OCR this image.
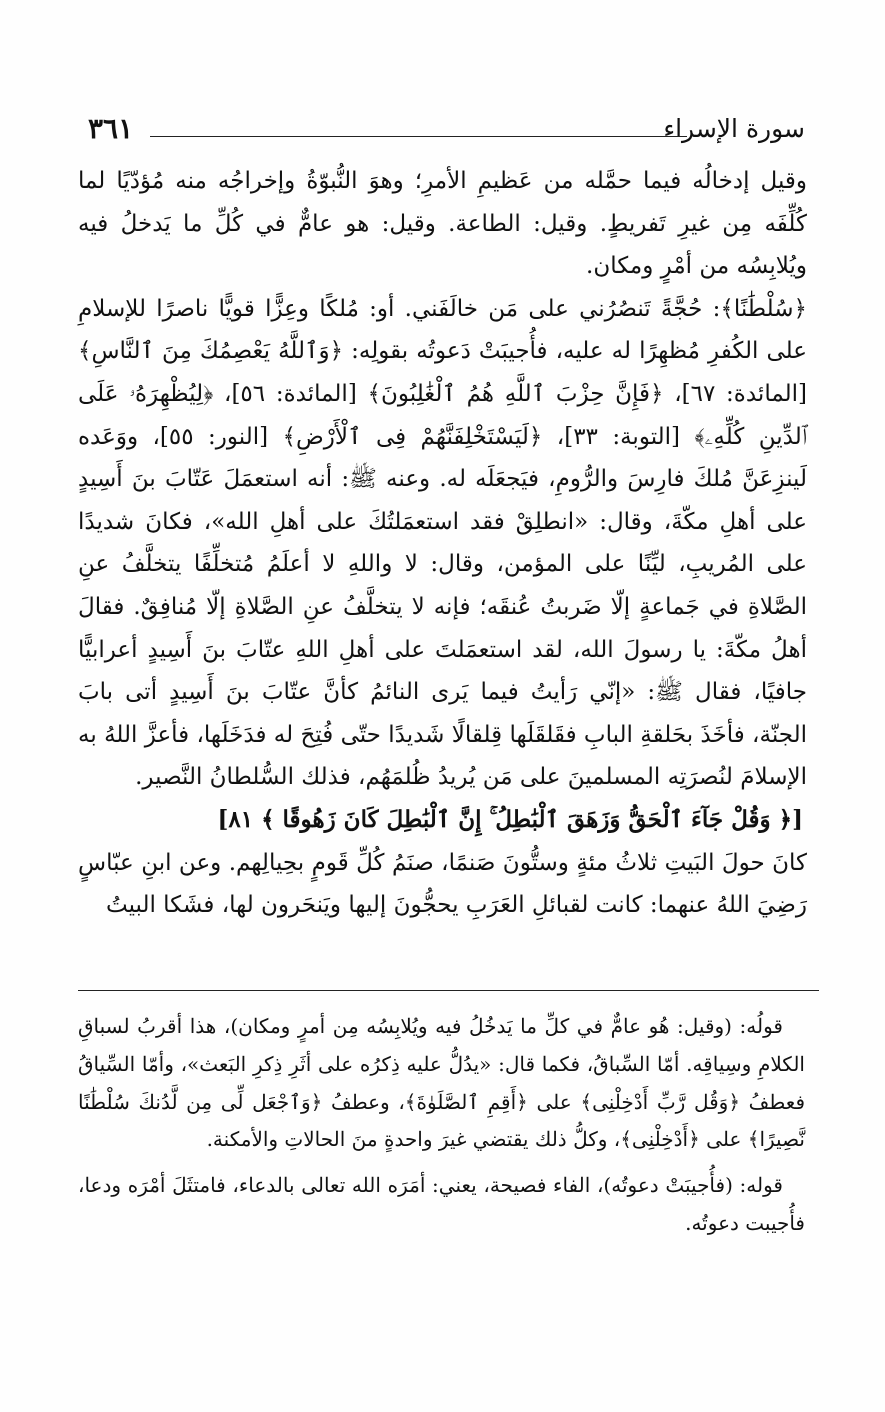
سورة الإسراء
٣٦١

وقيل إدخالُه فيما حمَّله من عَظيمِ الأمرِ؛ وهوَ النُّبوّةُ وإخراجُه منه مُؤدّيًا لما كُلِّفَه مِن غيرِ تَفريطٍ. وقيل: الطاعة. وقيل: هو عامٌّ في كُلِّ ما يَدخلُ فيه ويُلابِسُه من أمْرٍ ومكان.

﴿سُلْطَٰنًا﴾: حُجَّةً تَنصُرُني على مَن خالَفَني. أو: مُلكًا وعِزًّا قويًّا ناصرًا للإسلامِ على الكُفرِ مُظهِرًا له عليه، فأُجيبَتْ دَعوتُه بقولِه: ﴿وَٱللَّهُ يَعْصِمُكَ مِنَ ٱلنَّاسِ﴾ [المائدة: ٦٧]، ﴿فَإِنَّ حِزْبَ ٱللَّهِ هُمُ ٱلْغَٰلِبُونَ﴾ [المائدة: ٥٦]، ﴿لِيُظْهِرَهُۥ عَلَى ٱلدِّينِ كُلِّهِۦ﴾ [التوبة: ٣٣]، ﴿لَيَسْتَخْلِفَنَّهُمْ فِى ٱلْأَرْضِ﴾ [النور: ٥٥]، ووَعَده لَينزِعَنَّ مُلكَ فارِسَ والرُّومِ، فيَجعَلَه له. وعنه ﷺ: أنه استعمَلَ عَتّابَ بنَ أَسِيدٍ على أهلِ مكّةَ، وقال: «انطلِقْ فقد استعمَلتُكَ على أهلِ الله»، فكانَ شديدًا على المُريبِ، ليِّنًا على المؤمن، وقال: لا واللهِ لا أعلَمُ مُتخلِّفًا يتخلَّفُ عنِ الصَّلاةِ في جَماعةٍ إلّا ضَربتُ عُنقَه؛ فإنه لا يتخلَّفُ عنِ الصَّلاةِ إلّا مُنافِقٌ. فقالَ أهلُ مكّةَ: يا رسولَ الله، لقد استعمَلتَ على أهلِ اللهِ عتّابَ بنَ أَسِيدٍ أعرابيًّا جافيًا، فقال ﷺ: «إنّي رَأيتُ فيما يَرى النائمُ كأنَّ عتّابَ بنَ أَسِيدٍ أتى بابَ الجنّة، فأخَذَ بحَلقةِ البابِ فقَلقَلَها قِلقالًا شَديدًا حتّى فُتِحَ له فدَخَلَها، فأعزَّ اللهُ به الإسلامَ لنُصرَتِه المسلمينَ على مَن يُريدُ ظُلمَهُم، فذلك السُّلطانُ النَّصير.

[﴿ وَقُلْ جَآءَ ٱلْحَقُّ وَزَهَقَ ٱلْبَٰطِلُ ۚ إِنَّ ٱلْبَٰطِلَ كَانَ زَهُوقًا ﴾ ٨١]

كانَ حولَ البَيتِ ثلاثُ مئةٍ وستُّونَ صَنمًا، صنَمُ كُلِّ قَومٍ بحِيالِهم. وعن ابنِ عبّاسٍ رَضِيَ اللهُ عنهما: كانت لقبائلِ العَرَبِ يحجُّونَ إليها ويَنحَرون لها، فشَكا البيتُ

قولُه: (وقيل: هُو عامٌّ في كلِّ ما يَدخُلُ فيه ويُلابِسُه مِن أمرٍ ومكان)، هذا أقربُ لسباقِ الكلامِ وسِياقِه. أمّا السِّباقُ، فكما قال: «يدُلُّ عليه ذِكرُه على أثَرِ ذِكرِ البَعث»، وأمّا السِّياقُ فعطفُ ﴿وَقُل رَّبِّ أَدْخِلْنِى﴾ على ﴿أَقِمِ ٱلصَّلَوٰةَ﴾، وعطفُ ﴿وَٱجْعَل لِّى مِن لَّدُنكَ سُلْطَٰنًا نَّصِيرًا﴾ على ﴿أَدْخِلْنِى﴾، وكلُّ ذلك يقتضي غيرَ واحدةٍ منَ الحالاتِ والأمكنة.

قوله: (فأُجيبَتْ دعوتُه)، الفاء فصيحة، يعني: أمَرَه الله تعالى بالدعاء، فامتثَلَ أمْرَه ودعا، فأُجيبت دعوتُه.
